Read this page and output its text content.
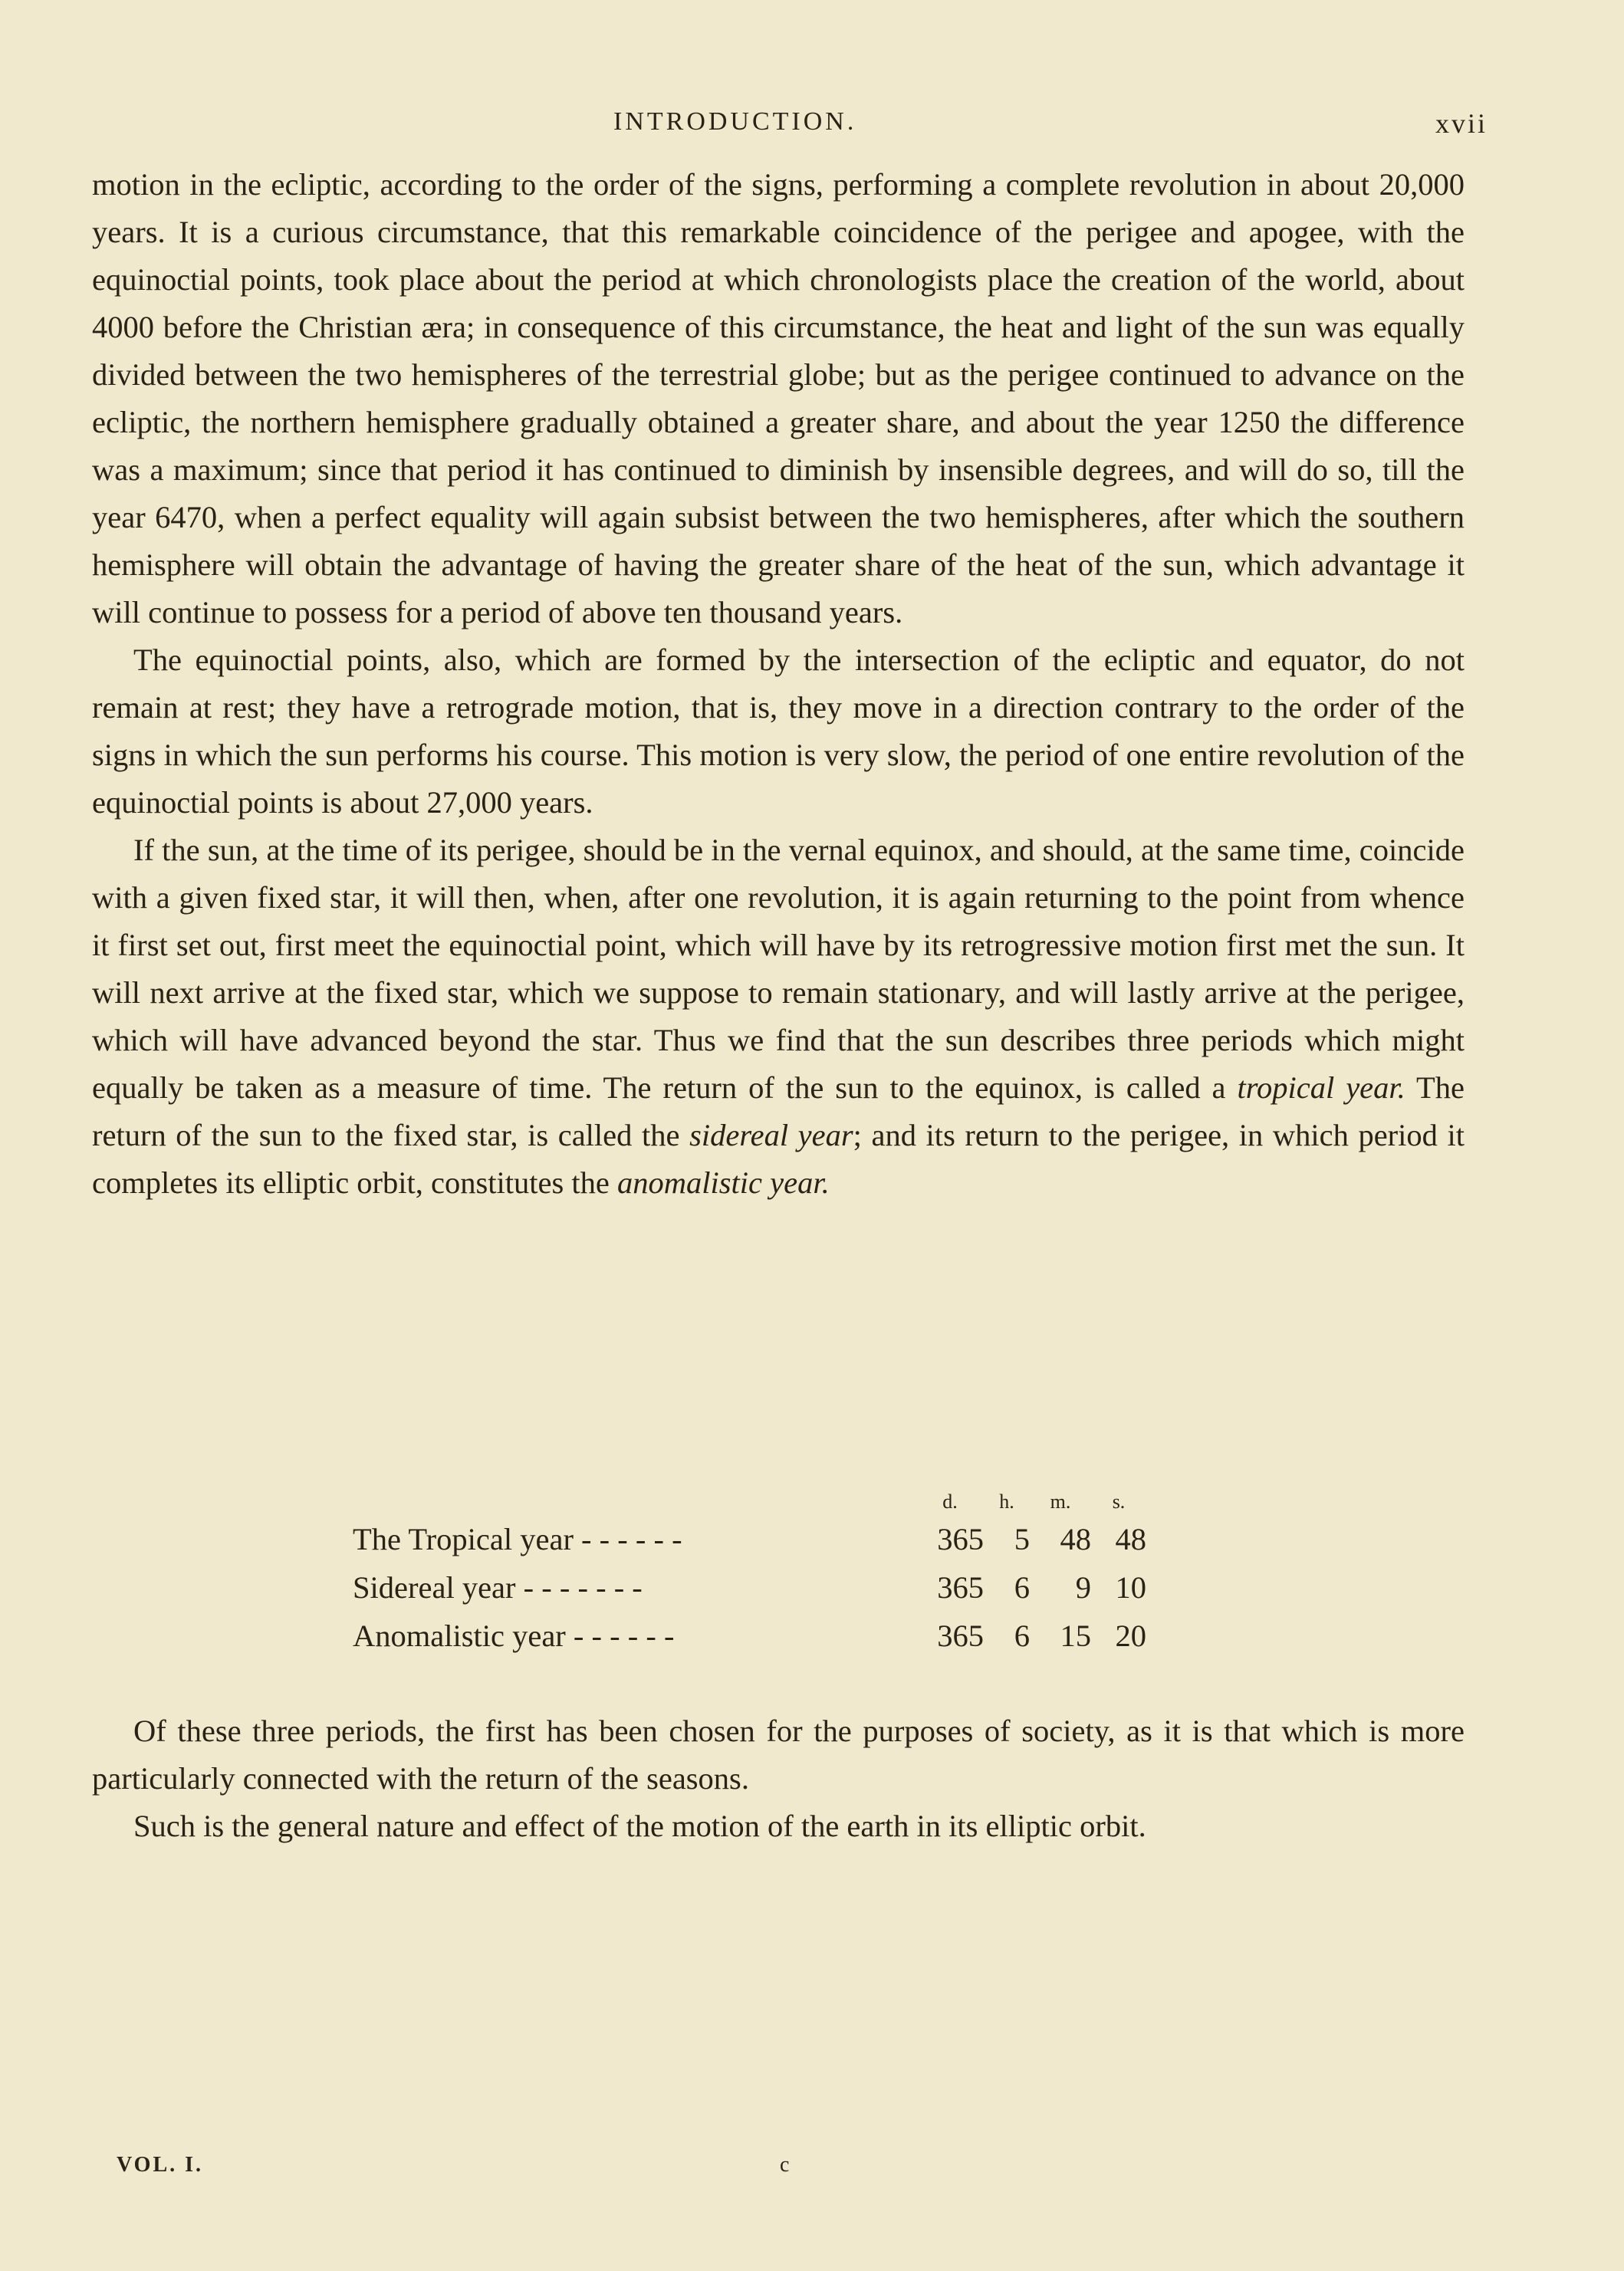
INTRODUCTION.	xvii

motion in the ecliptic, according to the order of the signs, performing a complete revolution in about 20,000 years. It is a curious circumstance, that this remarkable coincidence of the perigee and apogee, with the equinoctial points, took place about the period at which chronologists place the creation of the world, about 4000 before the Christian æra; in consequence of this circumstance, the heat and light of the sun was equally divided between the two hemispheres of the terrestrial globe; but as the perigee continued to advance on the ecliptic, the northern hemisphere gradually obtained a greater share, and about the year 1250 the difference was a maximum; since that period it has continued to diminish by insensible degrees, and will do so, till the year 6470, when a perfect equality will again subsist between the two hemispheres, after which the southern hemisphere will obtain the advantage of having the greater share of the heat of the sun, which advantage it will continue to possess for a period of above ten thousand years.

The equinoctial points, also, which are formed by the intersection of the ecliptic and equator, do not remain at rest; they have a retrograde motion, that is, they move in a direction contrary to the order of the signs in which the sun performs his course. This motion is very slow, the period of one entire revolution of the equinoctial points is about 27,000 years.

If the sun, at the time of its perigee, should be in the vernal equinox, and should, at the same time, coincide with a given fixed star, it will then, when, after one revolution, it is again returning to the point from whence it first set out, first meet the equinoctial point, which will have by its retrogressive motion first met the sun. It will next arrive at the fixed star, which we suppose to remain stationary, and will lastly arrive at the perigee, which will have advanced beyond the star. Thus we find that the sun describes three periods which might equally be taken as a measure of time. The return of the sun to the equinox, is called a tropical year. The return of the sun to the fixed star, is called the sidereal year; and its return to the perigee, in which period it completes its elliptic orbit, constitutes the anomalistic year.

	d.	h.	m.	s.
The Tropical year - - - - - -	365	5	48	48
Sidereal year - - - - - - -	365	6	9	10
Anomalistic year - - - - - -	365	6	15	20

Of these three periods, the first has been chosen for the purposes of society, as it is that which is more particularly connected with the return of the seasons.

Such is the general nature and effect of the motion of the earth in its elliptic orbit.

VOL. I.	c
